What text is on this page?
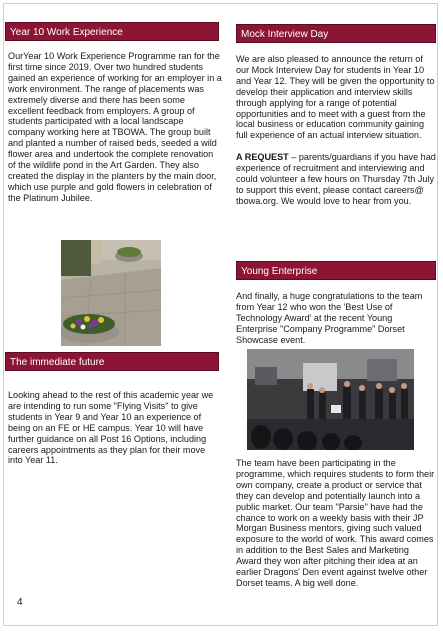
Year 10 Work Experience

OurYear 10 Work Experience Programme ran for the first time since 2019. Over two hundred students gained an experience of working for an employer in a work environment. The range of placements was extremely diverse and there has been some excellent feedback from employers. A group of students participated with a local landscape company working here at TBOWA. The group built and planted a number of raised beds, seeded a wild flower area and undertook the complete renovation of the wildlife pond in the Art Garden. They also created the display in the planters by the main door, which use purple and gold flowers in celebration of the Platinum Jubilee.

The immediate future

Looking ahead to the rest of this academic year we are intending to run some "Flying Visits" to give students in Year 9 and Year 10 an experience of being on an FE or HE campus. Year 10 will have further guidance on all Post 16 Options, including careers appointments as they plan for their move into Year 11.

4
Mock Interview Day

We are also pleased to announce the return of our Mock Interview Day for students in Year 10 and Year 12. They will be given the opportunity to develop their application and interview skills through applying for a range of potential opportunities and to meet with a guest from the local business or education community gaining full experience of an actual interview situation.

A REQUEST – parents/guardians if you have had experience of recruitment and interviewing and could volunteer a few hours on Thursday 7th July to support this event, please contact careers@ tbowa.org. We would love to hear from you.

Young Enterprise

And finally, a huge congratulations to the team from Year 12 who won the 'Best Use of Technology Award' at the recent Young Enterprise "Company Programme" Dorset Showcase event.

The team have been participating in the programme, which requires students to form their own company, create a product or service that they can develop and potentially launch into a public market. Our team "Parsie" have had the chance to work on a weekly basis with their JP Morgan Business mentors, giving such valued exposure to the world of work. This award comes in addition to the Best Sales and Marketing Award they won after pitching their idea at an earlier Dragons' Den event against twelve other Dorset teams. A big well done.
